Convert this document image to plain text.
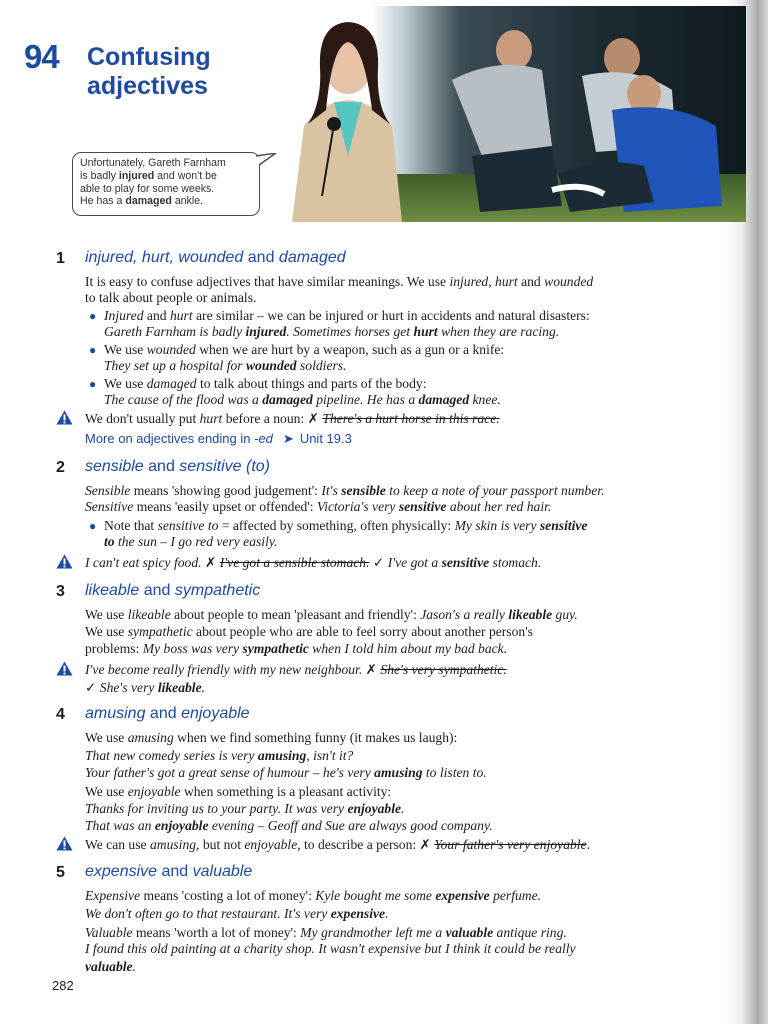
94 Confusing adjectives
Unfortunately, Gareth Farnham
is badly injured and won't be
able to play for some weeks.
He has a damaged ankle.
1 injured, hurt, wounded and damaged
It is easy to confuse adjectives that have similar meanings. We use injured, hurt and wounded
to talk about people or animals.
● Injured and hurt are similar – we can be injured or hurt in accidents and natural disasters:
Gareth Farnham is badly injured. Sometimes horses get hurt when they are racing.
● We use wounded when we are hurt by a weapon, such as a gun or a knife:
They set up a hospital for wounded soldiers.
● We use damaged to talk about things and parts of the body:
The cause of the flood was a damaged pipeline. He has a damaged knee.
We don't usually put hurt before a noun: ✗ There's a hurt horse in this race.
More on adjectives ending in -ed ➤ Unit 19.3
2 sensible and sensitive (to)
Sensible means 'showing good judgement': It's sensible to keep a note of your passport number.
Sensitive means 'easily upset or offended': Victoria's very sensitive about her red hair.
● Note that sensitive to = affected by something, often physically: My skin is very sensitive
to the sun – I go red very easily.
I can't eat spicy food. ✗ I've got a sensible stomach. ✓ I've got a sensitive stomach.
3 likeable and sympathetic
We use likeable about people to mean 'pleasant and friendly': Jason's a really likeable guy.
We use sympathetic about people who are able to feel sorry about another person's
problems: My boss was very sympathetic when I told him about my bad back.
I've become really friendly with my new neighbour. ✗ She's very sympathetic.
✓ She's very likeable.
4 amusing and enjoyable
We use amusing when we find something funny (it makes us laugh):
That new comedy series is very amusing, isn't it?
Your father's got a great sense of humour – he's very amusing to listen to.
We use enjoyable when something is a pleasant activity:
Thanks for inviting us to your party. It was very enjoyable.
That was an enjoyable evening – Geoff and Sue are always good company.
We can use amusing, but not enjoyable, to describe a person: ✗ Your father's very enjoyable.
5 expensive and valuable
Expensive means 'costing a lot of money': Kyle bought me some expensive perfume.
We don't often go to that restaurant. It's very expensive.
Valuable means 'worth a lot of money': My grandmother left me a valuable antique ring.
I found this old painting at a charity shop. It wasn't expensive but I think it could be really
valuable.
282
